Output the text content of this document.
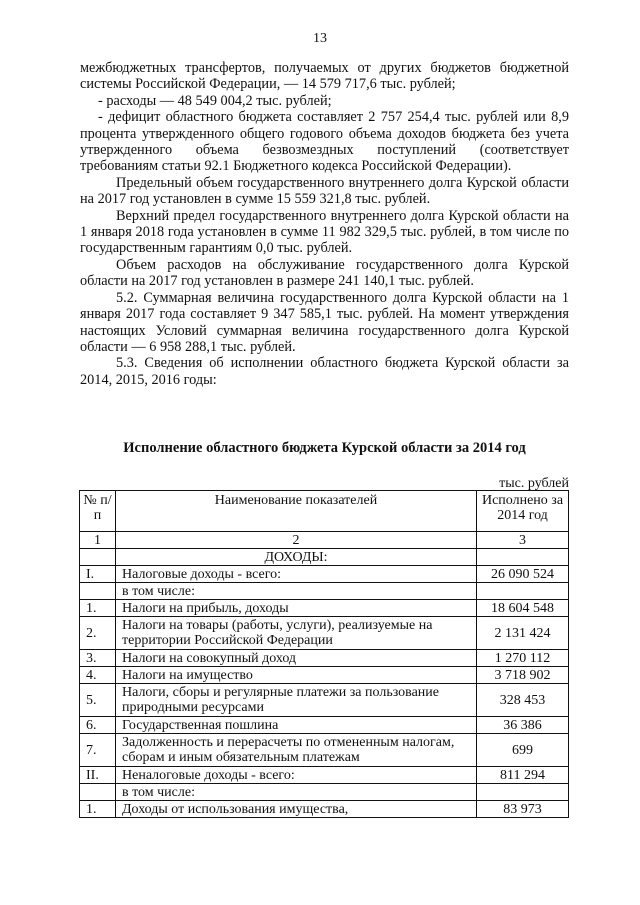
13

межбюджетных трансфертов, получаемых от других бюджетов бюджетной системы Российской Федерации, — 14 579 717,6 тыс. рублей;

- расходы — 48 549 004,2 тыс. рублей;

- дефицит областного бюджета составляет 2 757 254,4 тыс. рублей или 8,9 процента утвержденного общего годового объема доходов бюджета без учета утвержденного объема безвозмездных поступлений (соответствует требованиям статьи 92.1 Бюджетного кодекса Российской Федерации).

Предельный объем государственного внутреннего долга Курской области на 2017 год установлен в сумме 15 559 321,8 тыс. рублей.

Верхний предел государственного внутреннего долга Курской области на 1 января 2018 года установлен в сумме 11 982 329,5 тыс. рублей, в том числе по государственным гарантиям 0,0 тыс. рублей.

Объем расходов на обслуживание государственного долга Курской области на 2017 год установлен в размере 241 140,1 тыс. рублей.

5.2. Суммарная величина государственного долга Курской области на 1 января 2017 года составляет 9 347 585,1 тыс. рублей. На момент утверждения настоящих Условий суммарная величина государственного долга Курской области — 6 958 288,1 тыс. рублей.

5.3. Сведения об исполнении областного бюджета Курской области за 2014, 2015, 2016 годы:

Исполнение областного бюджета Курской области за 2014 год
тыс. рублей
№ п/п	Наименование показателей	Исполнено за 2014 год
1	2	3
	ДОХОДЫ:	
I.	Налоговые доходы - всего:	26 090 524
	в том числе:	
1.	Налоги на прибыль, доходы	18 604 548
2.	Налоги на товары (работы, услуги), реализуемые на территории Российской Федерации	2 131 424
3.	Налоги на совокупный доход	1 270 112
4.	Налоги на имущество	3 718 902
5.	Налоги, сборы и регулярные платежи за пользование природными ресурсами	328 453
6.	Государственная пошлина	36 386
7.	Задолженность и перерасчеты по отмененным налогам, сборам и иным обязательным платежам	699
II.	Неналоговые доходы - всего:	811 294
	в том числе:	
1.	Доходы от использования имущества,	83 973
